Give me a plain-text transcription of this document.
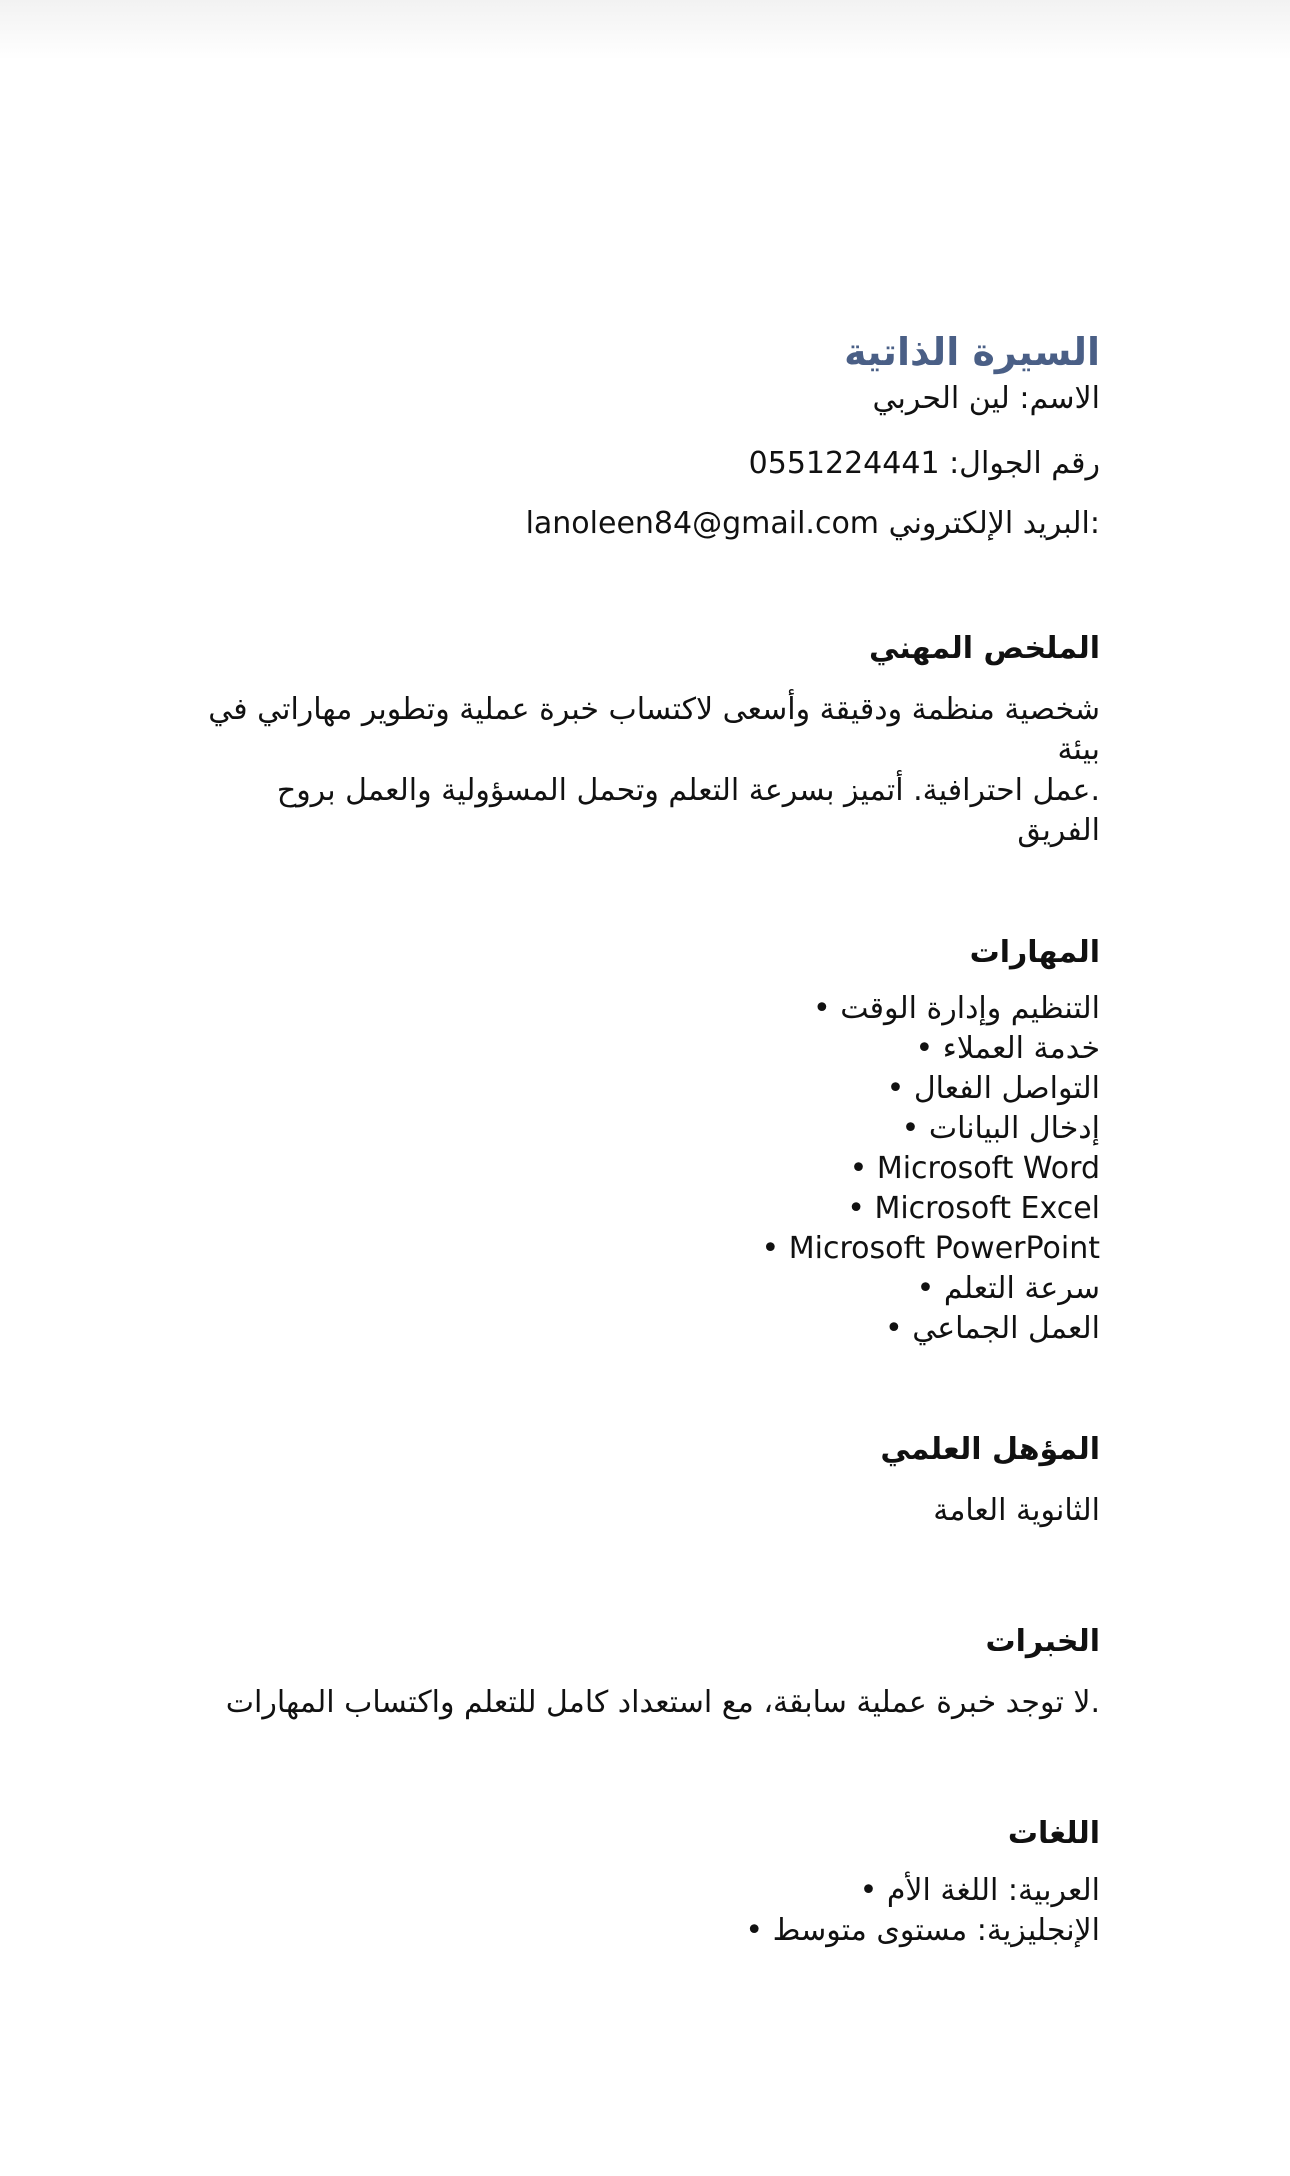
السيرة الذاتية

الاسم: لين الحربي

رقم الجوال: 0551224441

:البريد الإلكتروني lanoleen84@gmail.com

الملخص المهني
شخصية منظمة ودقيقة وأسعى لاكتساب خبرة عملية وتطوير مهاراتي في بيئة
.عمل احترافية. أتميز بسرعة التعلم وتحمل المسؤولية والعمل بروح الفريق
المهارات
التنظيم وإدارة الوقت •
خدمة العملاء •
التواصل الفعال •
إدخال البيانات •
• Microsoft Word
• Microsoft Excel
• Microsoft PowerPoint
سرعة التعلم •
العمل الجماعي •
المؤهل العلمي

الثانوية العامة

الخبرات

.لا توجد خبرة عملية سابقة، مع استعداد كامل للتعلم واكتساب المهارات

اللغات
العربية: اللغة الأم •
الإنجليزية: مستوى متوسط •
